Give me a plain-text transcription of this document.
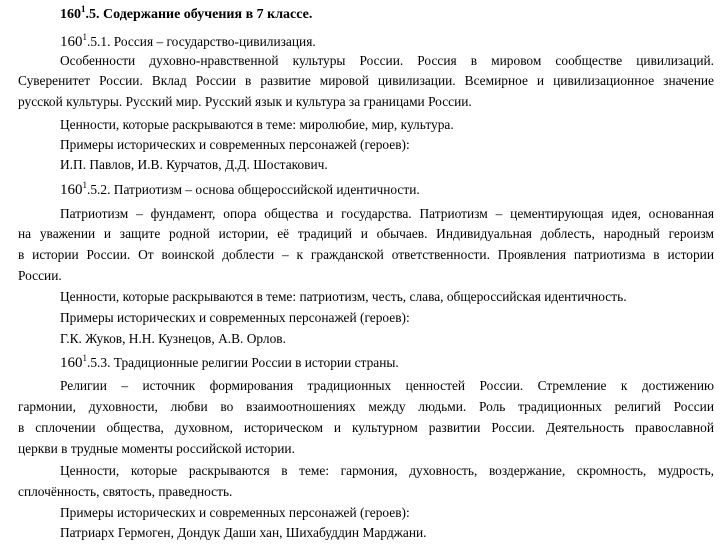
$160^1.5$. Содержание обучения в 7 классе.
$160^1.5.1$. Россия – государство-цивилизация.
Особенности духовно-нравственной культуры России. Россия в мировом сообществе цивилизаций.
Суверенитет России. Вклад России в развитие мировой цивилизации. Всемирное и цивилизационное значение
русской культуры. Русский мир. Русский язык и культура за границами России.
Ценности, которые раскрываются в теме: миролюбие, мир, культура.
Примеры исторических и современных персонажей (героев):
И.П. Павлов, И.В. Курчатов, Д.Д. Шостакович.
$160^1.5.2$. Патриотизм – основа общероссийской идентичности.
Патриотизм – фундамент, опора общества и государства. Патриотизм – цементирующая идея, основанная
на уважении и защите родной истории, её традиций и обычаев. Индивидуальная доблесть, народный героизм
в истории России. От воинской доблести – к гражданской ответственности. Проявления патриотизма в истории
России.
Ценности, которые раскрываются в теме: патриотизм, честь, слава, общероссийская идентичность.
Примеры исторических и современных персонажей (героев):
Г.К. Жуков, Н.Н. Кузнецов, А.В. Орлов.
$160^1.5.3$. Традиционные религии России в истории страны.
Религии – источник формирования традиционных ценностей России. Стремление к достижению
гармонии, духовности, любви во взаимоотношениях между людьми. Роль традиционных религий России
в сплочении общества, духовном, историческом и культурном развитии России. Деятельность православной
церкви в трудные моменты российской истории.
Ценности, которые раскрываются в теме: гармония, духовность, воздержание, скромность, мудрость,
сплочённость, святость, праведность.
Примеры исторических и современных персонажей (героев):
Патриарх Гермоген, Дондук Даши хан, Шихабуддин Марджани.
